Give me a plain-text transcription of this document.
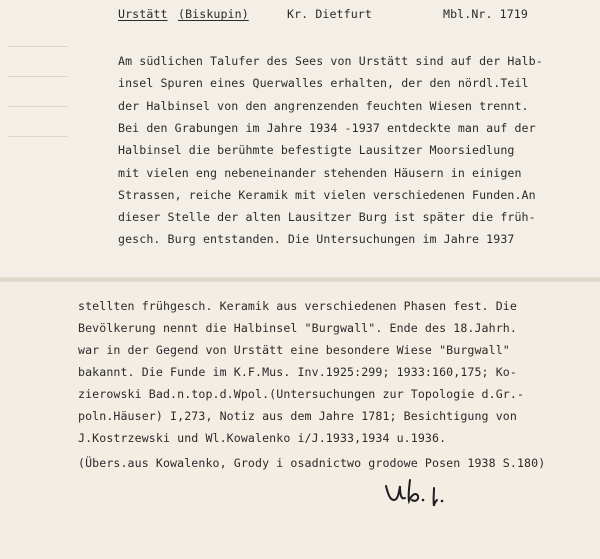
Urstätt (Biskupin)	Kr. Dietfurt	Mbl.Nr. 1719
Am südlichen Talufer des Sees von Urstätt sind auf der Halb-
insel Spuren eines Querwalles erhalten, der den nördl.Teil
der Halbinsel von den angrenzenden feuchten Wiesen trennt.
Bei den Grabungen im Jahre 1934 -1937 entdeckte man auf der
Halbinsel die berühmte befestigte Lausitzer Moorsiedlung
mit vielen eng nebeneinander stehenden Häusern in einigen
Strassen, reiche Keramik mit vielen verschiedenen Funden.An
dieser Stelle der alten Lausitzer Burg ist später die früh-
gesch. Burg entstanden. Die Untersuchungen im Jahre 1937
stellten frühgesch. Keramik aus verschiedenen Phasen fest. Die
Bevölkerung nennt die Halbinsel "Burgwall". Ende des 18.Jahrh.
war in der Gegend von Urstätt eine besondere Wiese "Burgwall"
bakannt. Die Funde im K.F.Mus. Inv.1925:299; 1933:160,175; Ko-
zierowski Bad.n.top.d.Wpol.(Untersuchungen zur Topologie d.Gr.-
poln.Häuser) I,273, Notiz aus dem Jahre 1781; Besichtigung von
J.Kostrzewski und Wl.Kowalenko i/J.1933,1934 u.1936.
(Übers.aus Kowalenko, Grody i osadnictwo grodowe Posen 1938 S.180)
